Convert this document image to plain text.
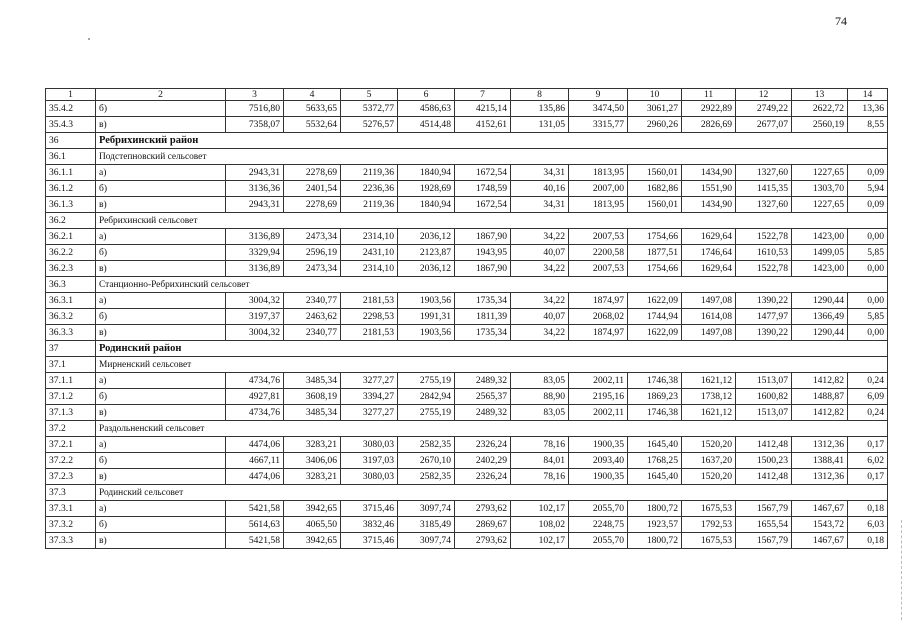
74
1	2	3	4	5	6	7	8	9	10	11	12	13	14
35.4.2	б)	7516,80	5633,65	5372,77	4586,63	4215,14	135,86	3474,50	3061,27	2922,89	2749,22	2622,72	13,36
35.4.3	в)	7358,07	5532,64	5276,57	4514,48	4152,61	131,05	3315,77	2960,26	2826,69	2677,07	2560,19	8,55
36	Ребрихинский район												
36.1	Подстепновский сельсовет												
36.1.1	а)	2943,31	2278,69	2119,36	1840,94	1672,54	34,31	1813,95	1560,01	1434,90	1327,60	1227,65	0,09
36.1.2	б)	3136,36	2401,54	2236,36	1928,69	1748,59	40,16	2007,00	1682,86	1551,90	1415,35	1303,70	5,94
36.1.3	в)	2943,31	2278,69	2119,36	1840,94	1672,54	34,31	1813,95	1560,01	1434,90	1327,60	1227,65	0,09
36.2	Ребрихинский сельсовет												
36.2.1	а)	3136,89	2473,34	2314,10	2036,12	1867,90	34,22	2007,53	1754,66	1629,64	1522,78	1423,00	0,00
36.2.2	б)	3329,94	2596,19	2431,10	2123,87	1943,95	40,07	2200,58	1877,51	1746,64	1610,53	1499,05	5,85
36.2.3	в)	3136,89	2473,34	2314,10	2036,12	1867,90	34,22	2007,53	1754,66	1629,64	1522,78	1423,00	0,00
36.3	Станционно-Ребрихинский сельсовет												
36.3.1	а)	3004,32	2340,77	2181,53	1903,56	1735,34	34,22	1874,97	1622,09	1497,08	1390,22	1290,44	0,00
36.3.2	б)	3197,37	2463,62	2298,53	1991,31	1811,39	40,07	2068,02	1744,94	1614,08	1477,97	1366,49	5,85
36.3.3	в)	3004,32	2340,77	2181,53	1903,56	1735,34	34,22	1874,97	1622,09	1497,08	1390,22	1290,44	0,00
37	Родинский район												
37.1	Мирненский сельсовет												
37.1.1	а)	4734,76	3485,34	3277,27	2755,19	2489,32	83,05	2002,11	1746,38	1621,12	1513,07	1412,82	0,24
37.1.2	б)	4927,81	3608,19	3394,27	2842,94	2565,37	88,90	2195,16	1869,23	1738,12	1600,82	1488,87	6,09
37.1.3	в)	4734,76	3485,34	3277,27	2755,19	2489,32	83,05	2002,11	1746,38	1621,12	1513,07	1412,82	0,24
37.2	Раздольненский сельсовет												
37.2.1	а)	4474,06	3283,21	3080,03	2582,35	2326,24	78,16	1900,35	1645,40	1520,20	1412,48	1312,36	0,17
37.2.2	б)	4667,11	3406,06	3197,03	2670,10	2402,29	84,01	2093,40	1768,25	1637,20	1500,23	1388,41	6,02
37.2.3	в)	4474,06	3283,21	3080,03	2582,35	2326,24	78,16	1900,35	1645,40	1520,20	1412,48	1312,36	0,17
37.3	Родинский сельсовет												
37.3.1	а)	5421,58	3942,65	3715,46	3097,74	2793,62	102,17	2055,70	1800,72	1675,53	1567,79	1467,67	0,18
37.3.2	б)	5614,63	4065,50	3832,46	3185,49	2869,67	108,02	2248,75	1923,57	1792,53	1655,54	1543,72	6,03
37.3.3	в)	5421,58	3942,65	3715,46	3097,74	2793,62	102,17	2055,70	1800,72	1675,53	1567,79	1467,67	0,18
